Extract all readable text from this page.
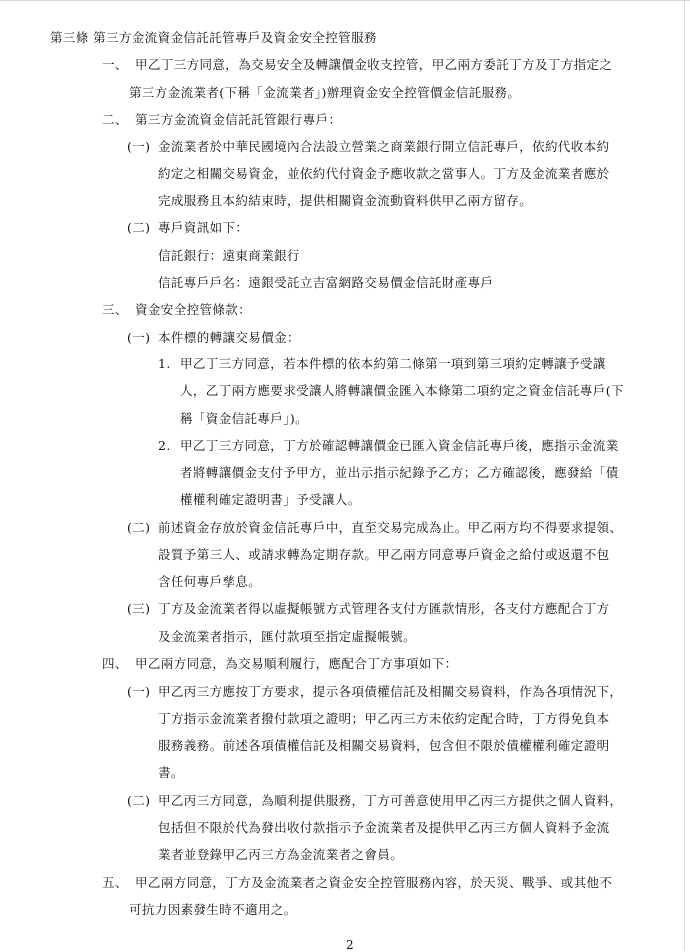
第三條 第三方金流資金信託託管專戶及資金安全控管服務
一、 甲乙丁三方同意，為交易安全及轉讓價金收支控管，甲乙兩方委託丁方及丁方指定之
第三方金流業者(下稱「金流業者」)辦理資金安全控管價金信託服務。
二、 第三方金流資金信託託管銀行專戶：
(一) 金流業者於中華民國境內合法設立營業之商業銀行開立信託專戶，依約代收本約
約定之相關交易資金，並依約代付資金予應收款之當事人。丁方及金流業者應於
完成服務且本約結束時，提供相關資金流動資料供甲乙兩方留存。
(二) 專戶資訊如下：
信託銀行：遠東商業銀行
信託專戶戶名：遠銀受託立吉富網路交易價金信託財產專戶
三、 資金安全控管條款：
(一) 本件標的轉讓交易價金：
1. 甲乙丁三方同意，若本件標的依本約第二條第一項到第三項約定轉讓予受讓
人，乙丁兩方應要求受讓人將轉讓價金匯入本條第二項約定之資金信託專戶(下
稱「資金信託專戶」)。
2. 甲乙丁三方同意，丁方於確認轉讓價金已匯入資金信託專戶後，應指示金流業
者將轉讓價金支付予甲方，並出示指示紀錄予乙方；乙方確認後，應發給「債
權權利確定證明書」予受讓人。
(二) 前述資金存放於資金信託專戶中，直至交易完成為止。甲乙兩方均不得要求提領、
設質予第三人、或請求轉為定期存款。甲乙兩方同意專戶資金之給付或返還不包
含任何專戶孳息。
(三) 丁方及金流業者得以虛擬帳號方式管理各支付方匯款情形，各支付方應配合丁方
及金流業者指示，匯付款項至指定虛擬帳號。
四、 甲乙兩方同意，為交易順利履行，應配合丁方事項如下：
(一) 甲乙丙三方應按丁方要求，提示各項債權信託及相關交易資料，作為各項情況下，
丁方指示金流業者撥付款項之證明；甲乙丙三方未依約定配合時，丁方得免負本
服務義務。前述各項債權信託及相關交易資料，包含但不限於債權權利確定證明
書。
(二) 甲乙丙三方同意，為順利提供服務，丁方可善意使用甲乙丙三方提供之個人資料，
包括但不限於代為發出收付款指示予金流業者及提供甲乙丙三方個人資料予金流
業者並登錄甲乙丙三方為金流業者之會員。
五、 甲乙兩方同意，丁方及金流業者之資金安全控管服務內容，於天災、戰爭、或其他不
可抗力因素發生時不適用之。
2
